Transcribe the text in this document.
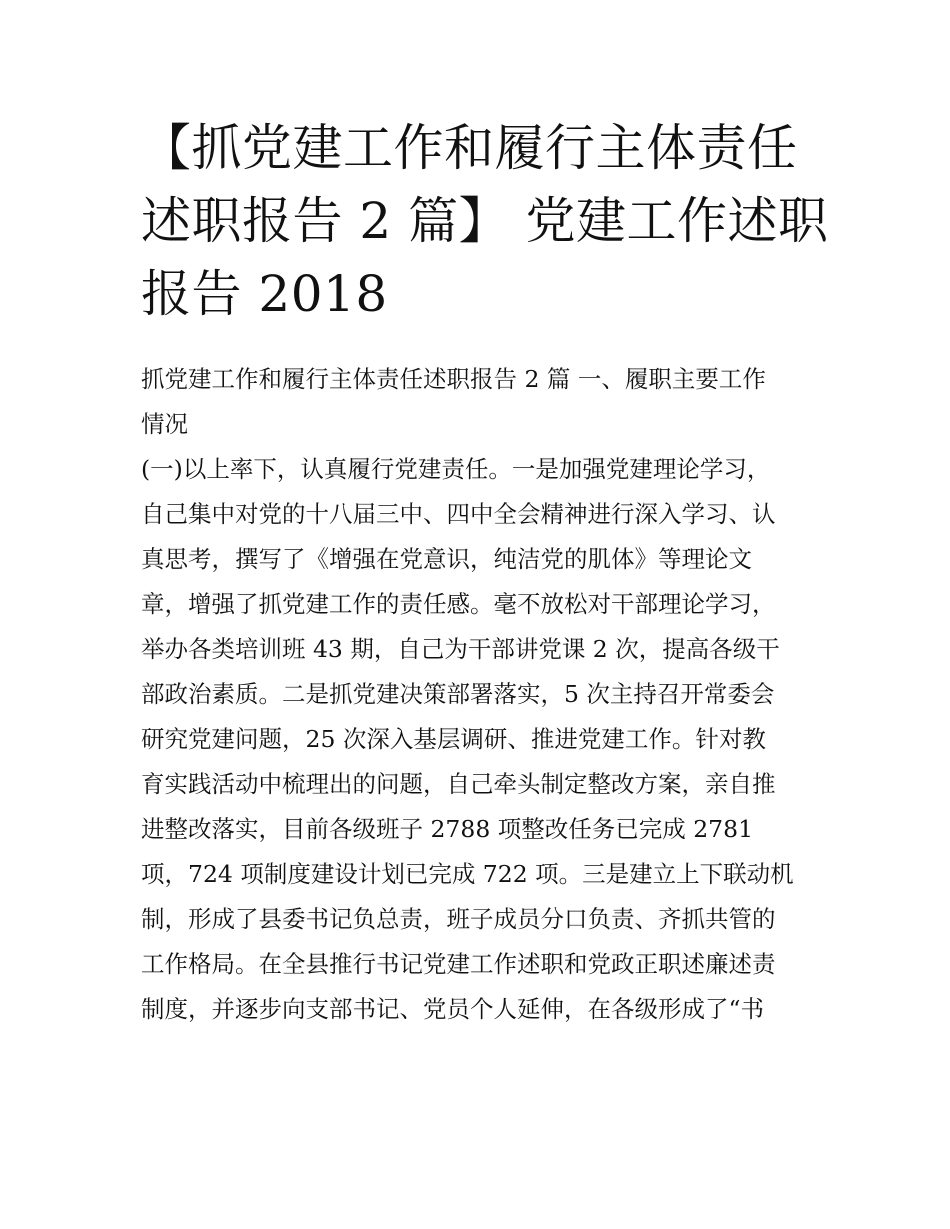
【抓党建工作和履行主体责任
述职报告 2 篇】 党建工作述职
报告 2018
抓党建工作和履行主体责任述职报告 2 篇 一、履职主要工作
情况
(一)以上率下，认真履行党建责任。一是加强党建理论学习，
自己集中对党的十八届三中、四中全会精神进行深入学习、认
真思考，撰写了《增强在党意识，纯洁党的肌体》等理论文
章，增强了抓党建工作的责任感。毫不放松对干部理论学习，
举办各类培训班 43 期，自己为干部讲党课 2 次，提高各级干
部政治素质。二是抓党建决策部署落实，5 次主持召开常委会
研究党建问题，25 次深入基层调研、推进党建工作。针对教
育实践活动中梳理出的问题，自己牵头制定整改方案，亲自推
进整改落实，目前各级班子 2788 项整改任务已完成 2781
项，724 项制度建设计划已完成 722 项。三是建立上下联动机
制，形成了县委书记负总责，班子成员分口负责、齐抓共管的
工作格局。在全县推行书记党建工作述职和党政正职述廉述责
制度，并逐步向支部书记、党员个人延伸，在各级形成了“书
